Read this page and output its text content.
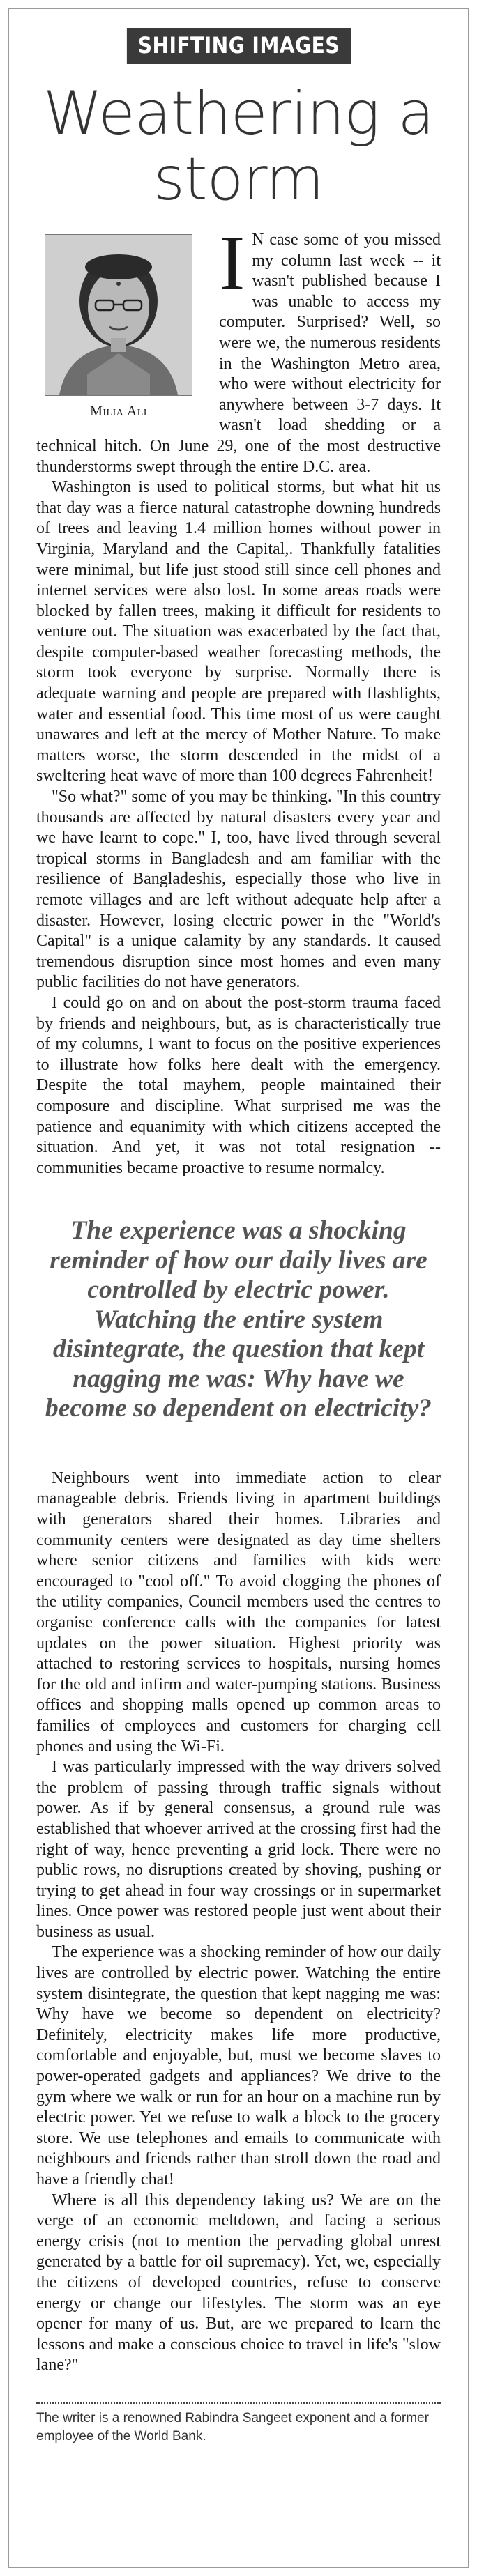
SHIFTING IMAGES
Weathering a storm
Milia Ali
I N case some of you missed my column last week -- it wasn't published because I was unable to access my computer. Surprised? Well, so were we, the numerous residents in the Washington Metro area, who were without electricity for anywhere between 3-7 days. It wasn't load shedding or a technical hitch. On June 29, one of the most destructive thunderstorms swept through the entire D.C. area.

Washington is used to political storms, but what hit us that day was a fierce natural catastrophe downing hundreds of trees and leaving 1.4 million homes without power in Virginia, Maryland and the Capital,. Thankfully fatalities were minimal, but life just stood still since cell phones and internet services were also lost. In some areas roads were blocked by fallen trees, making it difficult for residents to venture out. The situation was exacerbated by the fact that, despite computer-based weather forecasting methods, the storm took everyone by surprise. Normally there is adequate warning and people are prepared with flashlights, water and essential food. This time most of us were caught unawares and left at the mercy of Mother Nature. To make matters worse, the storm descended in the midst of a sweltering heat wave of more than 100 degrees Fahrenheit!

"So what?" some of you may be thinking. "In this country thousands are affected by natural disasters every year and we have learnt to cope." I, too, have lived through several tropical storms in Bangladesh and am familiar with the resilience of Bangladeshis, especially those who live in remote villages and are left without adequate help after a disaster. However, losing electric power in the "World's Capital" is a unique calamity by any standards. It caused tremendous disruption since most homes and even many public facilities do not have generators.

I could go on and on about the post-storm trauma faced by friends and neighbours, but, as is characteristically true of my columns, I want to focus on the positive experiences to illustrate how folks here dealt with the emergency. Despite the total mayhem, people maintained their composure and discipline. What surprised me was the patience and equanimity with which citizens accepted the situation. And yet, it was not total resignation -- communities became proactive to resume normalcy.

The experience was a shocking reminder of how our daily lives are controlled by electric power. Watching the entire system disintegrate, the question that kept nagging me was: Why have we become so dependent on electricity?

Neighbours went into immediate action to clear manageable debris. Friends living in apartment buildings with generators shared their homes. Libraries and community centers were designated as day time shelters where senior citizens and families with kids were encouraged to "cool off." To avoid clogging the phones of the utility companies, Council members used the centres to organise conference calls with the companies for latest updates on the power situation. Highest priority was attached to restoring services to hospitals, nursing homes for the old and infirm and water-pumping stations. Business offices and shopping malls opened up common areas to families of employees and customers for charging cell phones and using the Wi-Fi.

I was particularly impressed with the way drivers solved the problem of passing through traffic signals without power. As if by general consensus, a ground rule was established that whoever arrived at the crossing first had the right of way, hence preventing a grid lock. There were no public rows, no disruptions created by shoving, pushing or trying to get ahead in four way crossings or in supermarket lines. Once power was restored people just went about their business as usual.

The experience was a shocking reminder of how our daily lives are controlled by electric power. Watching the entire system disintegrate, the question that kept nagging me was: Why have we become so dependent on electricity? Definitely, electricity makes life more productive, comfortable and enjoyable, but, must we become slaves to power-operated gadgets and appliances? We drive to the gym where we walk or run for an hour on a machine run by electric power. Yet we refuse to walk a block to the grocery store. We use telephones and emails to communicate with neighbours and friends rather than stroll down the road and have a friendly chat!

Where is all this dependency taking us? We are on the verge of an economic meltdown, and facing a serious energy crisis (not to mention the pervading global unrest generated by a battle for oil supremacy). Yet, we, especially the citizens of developed countries, refuse to conserve energy or change our lifestyles. The storm was an eye opener for many of us. But, are we prepared to learn the lessons and make a conscious choice to travel in life's "slow lane?"

The writer is a renowned Rabindra Sangeet exponent and a former employee of the World Bank.
